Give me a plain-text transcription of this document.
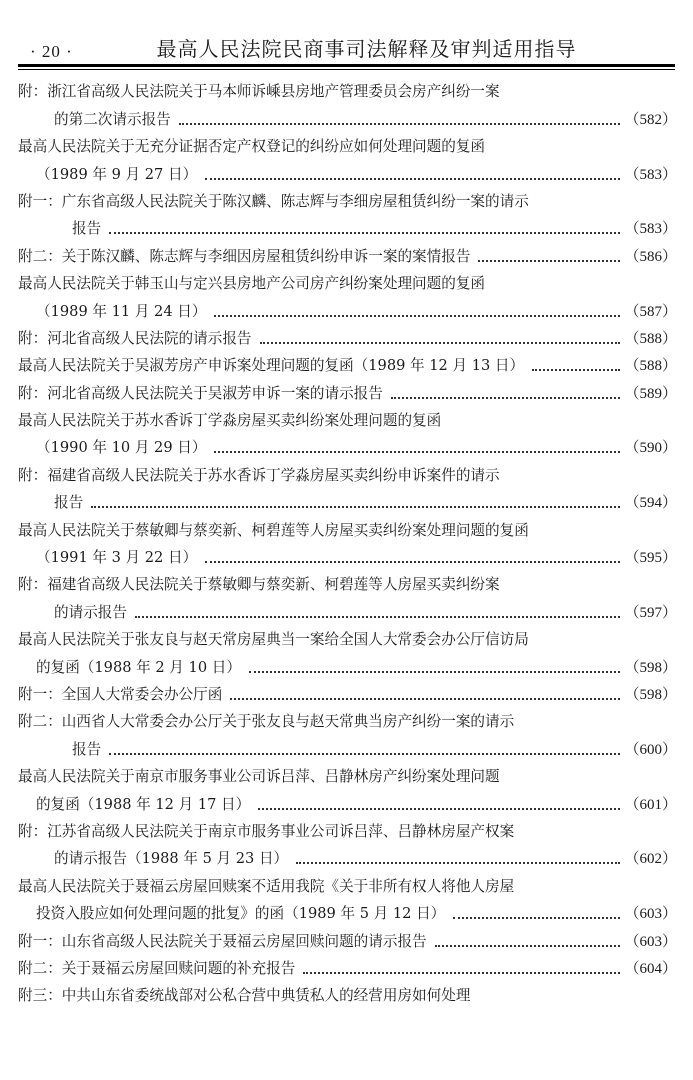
· 20 ·	最高人民法院民商事司法解释及审判适用指导
附：浙江省高级人民法院关于马本师诉嵊县房地产管理委员会房产纠纷一案
的第二次请示报告	（582）
最高人民法院关于无充分证据否定产权登记的纠纷应如何处理问题的复函
（1989 年 9 月 27 日）	（583）
附一：广东省高级人民法院关于陈汉麟、陈志辉与李细房屋租赁纠纷一案的请示
报告	（583）
附二：关于陈汉麟、陈志辉与李细因房屋租赁纠纷申诉一案的案情报告	（586）
最高人民法院关于韩玉山与定兴县房地产公司房产纠纷案处理问题的复函
（1989 年 11 月 24 日）	（587）
附：河北省高级人民法院的请示报告	（588）
最高人民法院关于吴淑芳房产申诉案处理问题的复函（1989 年 12 月 13 日）	（588）
附：河北省高级人民法院关于吴淑芳申诉一案的请示报告	（589）
最高人民法院关于苏水香诉丁学淼房屋买卖纠纷案处理问题的复函
（1990 年 10 月 29 日）	（590）
附：福建省高级人民法院关于苏水香诉丁学淼房屋买卖纠纷申诉案件的请示
报告	（594）
最高人民法院关于蔡敏卿与蔡奕新、柯碧莲等人房屋买卖纠纷案处理问题的复函
（1991 年 3 月 22 日）	（595）
附：福建省高级人民法院关于蔡敏卿与蔡奕新、柯碧莲等人房屋买卖纠纷案
的请示报告	（597）
最高人民法院关于张友良与赵天常房屋典当一案给全国人大常委会办公厅信访局
的复函（1988 年 2 月 10 日）	（598）
附一：全国人大常委会办公厅函	（598）
附二：山西省人大常委会办公厅关于张友良与赵天常典当房产纠纷一案的请示
报告	（600）
最高人民法院关于南京市服务事业公司诉吕萍、吕静林房产纠纷案处理问题
的复函（1988 年 12 月 17 日）	（601）
附：江苏省高级人民法院关于南京市服务事业公司诉吕萍、吕静林房屋产权案
的请示报告（1988 年 5 月 23 日）	（602）
最高人民法院关于聂福云房屋回赎案不适用我院《关于非所有权人将他人房屋
投资入股应如何处理问题的批复》的函（1989 年 5 月 12 日）	（603）
附一：山东省高级人民法院关于聂福云房屋回赎问题的请示报告	（603）
附二：关于聂福云房屋回赎问题的补充报告	（604）
附三：中共山东省委统战部对公私合营中典赁私人的经营用房如何处理
